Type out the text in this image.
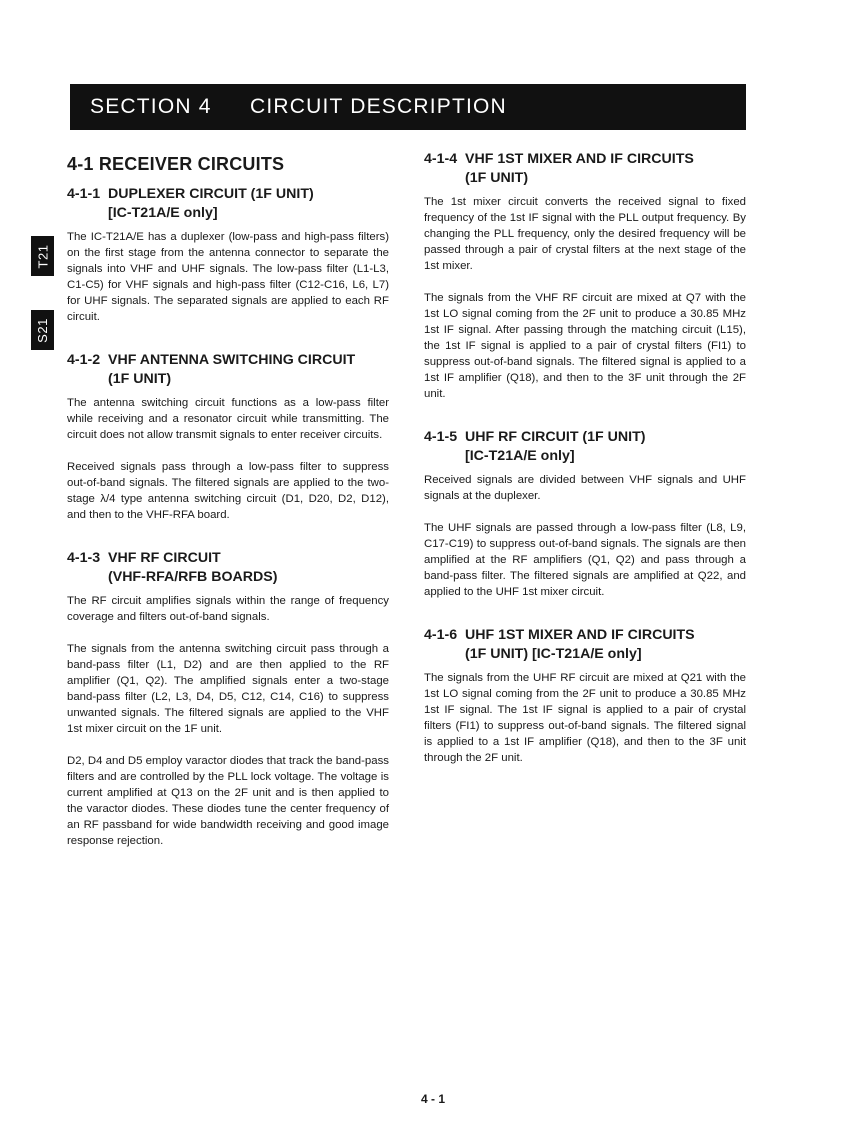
SECTION 4	CIRCUIT DESCRIPTION
T21
S21
4-1 RECEIVER CIRCUITS
4-1-1 DUPLEXER CIRCUIT (1F UNIT)
[IC-T21A/E only]

The IC-T21A/E has a duplexer (low-pass and high-pass filters) on the first stage from the antenna connector to separate the signals into VHF and UHF signals. The low-pass filter (L1-L3, C1-C5) for VHF signals and high-pass filter (C12-C16, L6, L7) for UHF signals. The separated signals are applied to each RF circuit.

4-1-2 VHF ANTENNA SWITCHING CIRCUIT
(1F UNIT)

The antenna switching circuit functions as a low-pass filter while receiving and a resonator circuit while transmitting. The circuit does not allow transmit signals to enter receiver circuits.

Received signals pass through a low-pass filter to suppress out-of-band signals. The filtered signals are applied to the two-stage λ/4 type antenna switching circuit (D1, D20, D2, D12), and then to the VHF-RFA board.

4-1-3 VHF RF CIRCUIT
(VHF-RFA/RFB BOARDS)

The RF circuit amplifies signals within the range of frequency coverage and filters out-of-band signals.

The signals from the antenna switching circuit pass through a band-pass filter (L1, D2) and are then applied to the RF amplifier (Q1, Q2). The amplified signals enter a two-stage band-pass filter (L2, L3, D4, D5, C12, C14, C16) to suppress unwanted signals. The filtered signals are applied to the VHF 1st mixer circuit on the 1F unit.

D2, D4 and D5 employ varactor diodes that track the band-pass filters and are controlled by the PLL lock voltage. The voltage is current amplified at Q13 on the 2F unit and is then applied to the varactor diodes. These diodes tune the center frequency of an RF passband for wide bandwidth receiving and good image response rejection.

4-1-4 VHF 1ST MIXER AND IF CIRCUITS
(1F UNIT)

The 1st mixer circuit converts the received signal to fixed frequency of the 1st IF signal with the PLL output frequency. By changing the PLL frequency, only the desired frequency will be passed through a pair of crystal filters at the next stage of the 1st mixer.

The signals from the VHF RF circuit are mixed at Q7 with the 1st LO signal coming from the 2F unit to produce a 30.85 MHz 1st IF signal. After passing through the matching circuit (L15), the 1st IF signal is applied to a pair of crystal filters (FI1) to suppress out-of-band signals. The filtered signal is applied to a 1st IF amplifier (Q18), and then to the 3F unit through the 2F unit.

4-1-5 UHF RF CIRCUIT (1F UNIT)
[IC-T21A/E only]

Received signals are divided between VHF signals and UHF signals at the duplexer.

The UHF signals are passed through a low-pass filter (L8, L9, C17-C19) to suppress out-of-band signals. The signals are then amplified at the RF amplifiers (Q1, Q2) and pass through a band-pass filter. The filtered signals are amplified at Q22, and applied to the UHF 1st mixer circuit.

4-1-6 UHF 1ST MIXER AND IF CIRCUITS
(1F UNIT) [IC-T21A/E only]

The signals from the UHF RF circuit are mixed at Q21 with the 1st LO signal coming from the 2F unit to produce a 30.85 MHz 1st IF signal. The 1st IF signal is applied to a pair of crystal filters (FI1) to suppress out-of-band signals. The filtered signal is applied to a 1st IF amplifier (Q18), and then to the 3F unit through the 2F unit.

4 - 1
